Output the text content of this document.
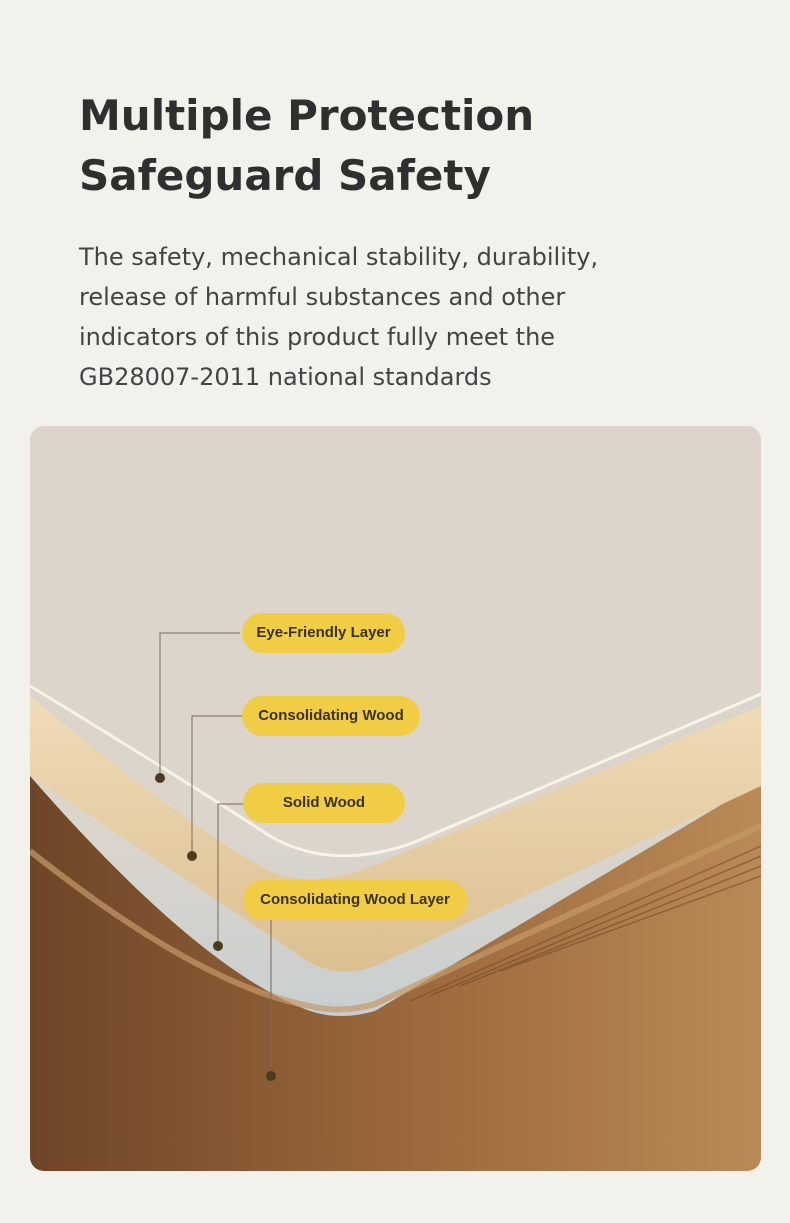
Multiple Protection
Safeguard Safety

The safety, mechanical stability, durability,
release of harmful substances and other
indicators of this product fully meet the
GB28007-2011 national standards

Eye-Friendly Layer
Consolidating Wood
Solid Wood
Consolidating Wood Layer
